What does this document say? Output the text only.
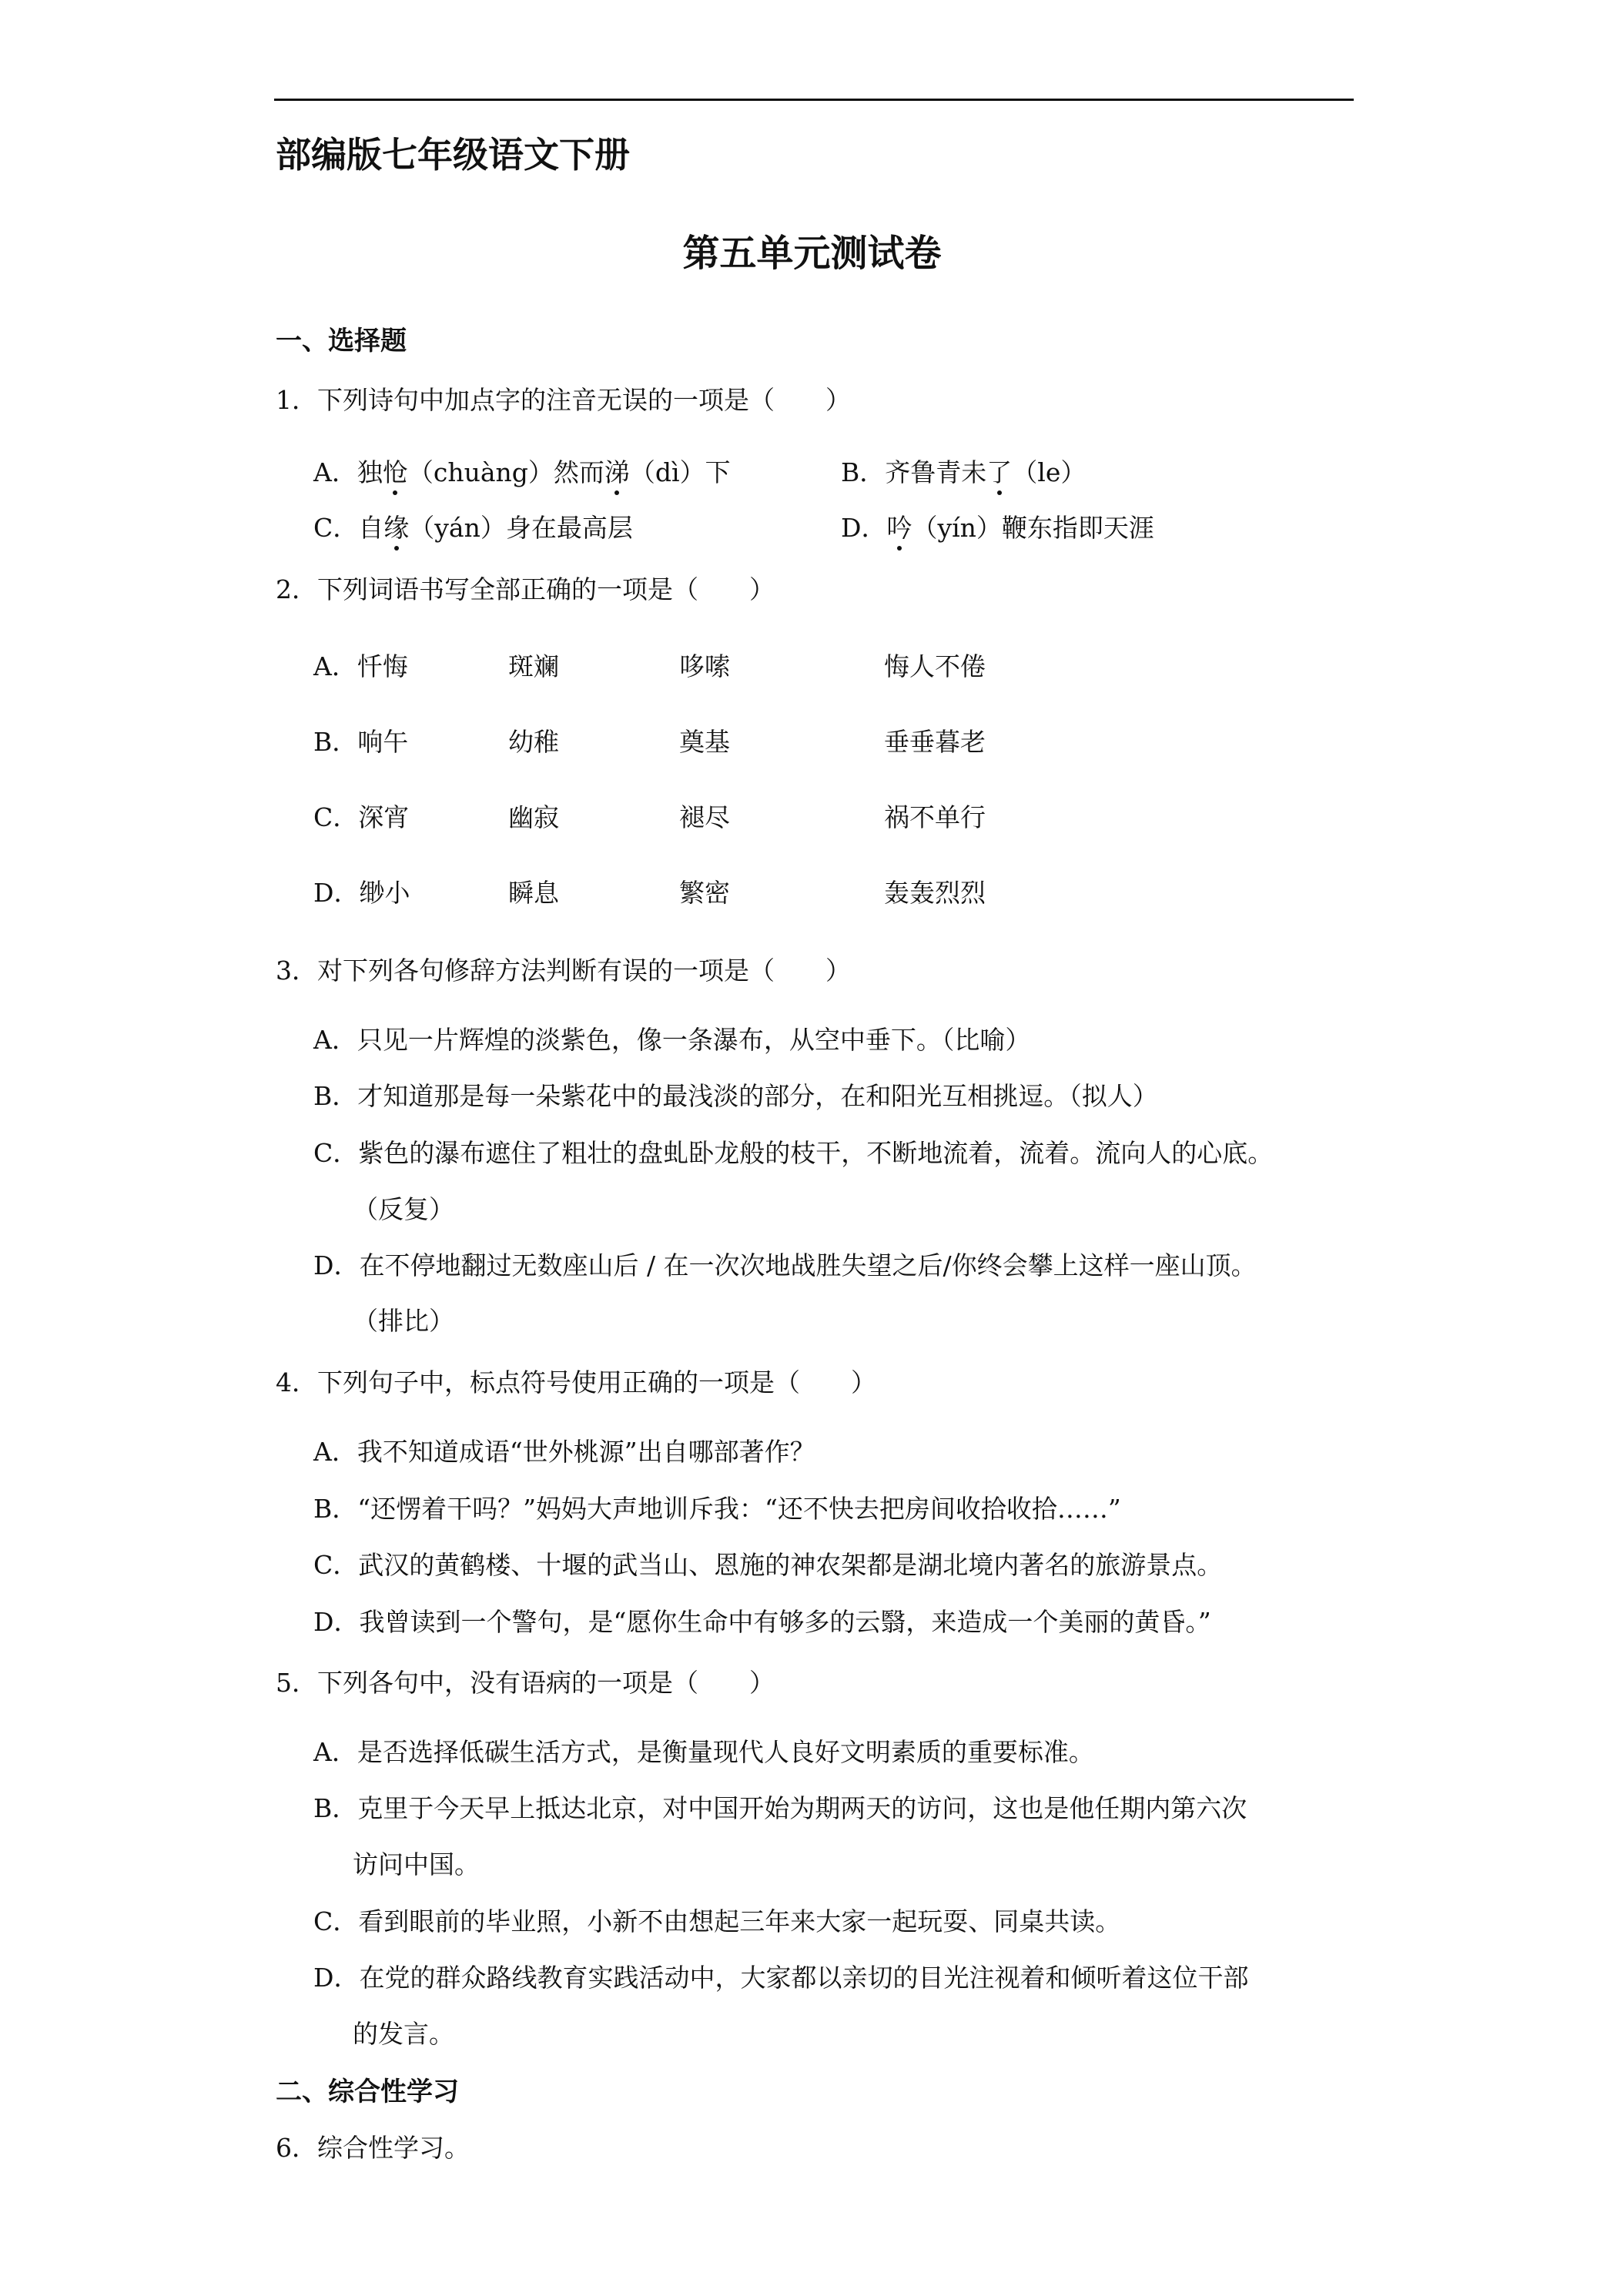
部编版七年级语文下册
第五单元测试卷
一、选择题
1．下列诗句中加点字的注音无误的一项是（　　）
A．独怆（chuàng）然而涕（dì）下	B．齐鲁青未了（le）
C．自缘（yán）身在最高层	D．吟（yín）鞭东指即天涯
2．下列词语书写全部正确的一项是（　　）
A．忏悔	斑斓	哆嗦	悔人不倦
B．响午	幼稚	奠基	垂垂暮老
C．深宵	幽寂	褪尽	祸不单行
D．缈小	瞬息	繁密	轰轰烈烈
3．对下列各句修辞方法判断有误的一项是（　　）
A．只见一片辉煌的淡紫色，像一条瀑布，从空中垂下。（比喻）
B．才知道那是每一朵紫花中的最浅淡的部分，在和阳光互相挑逗。（拟人）
C．紫色的瀑布遮住了粗壮的盘虬卧龙般的枝干，不断地流着，流着。流向人的心底。
（反复）
D．在不停地翻过无数座山后 / 在一次次地战胜失望之后/你终会攀上这样一座山顶。
（排比）
4．下列句子中，标点符号使用正确的一项是（　　）
A．我不知道成语“世外桃源”出自哪部著作？
B．“还愣着干吗？”妈妈大声地训斥我：“还不快去把房间收拾收拾……”
C．武汉的黄鹤楼、十堰的武当山、恩施的神农架都是湖北境内著名的旅游景点。
D．我曾读到一个警句，是“愿你生命中有够多的云翳，来造成一个美丽的黄昏。”
5．下列各句中，没有语病的一项是（　　）
A．是否选择低碳生活方式，是衡量现代人良好文明素质的重要标准。
B．克里于今天早上抵达北京，对中国开始为期两天的访问，这也是他任期内第六次
访问中国。
C．看到眼前的毕业照，小新不由想起三年来大家一起玩耍、同桌共读。
D．在党的群众路线教育实践活动中，大家都以亲切的目光注视着和倾听着这位干部
的发言。
二、综合性学习
6．综合性学习。
